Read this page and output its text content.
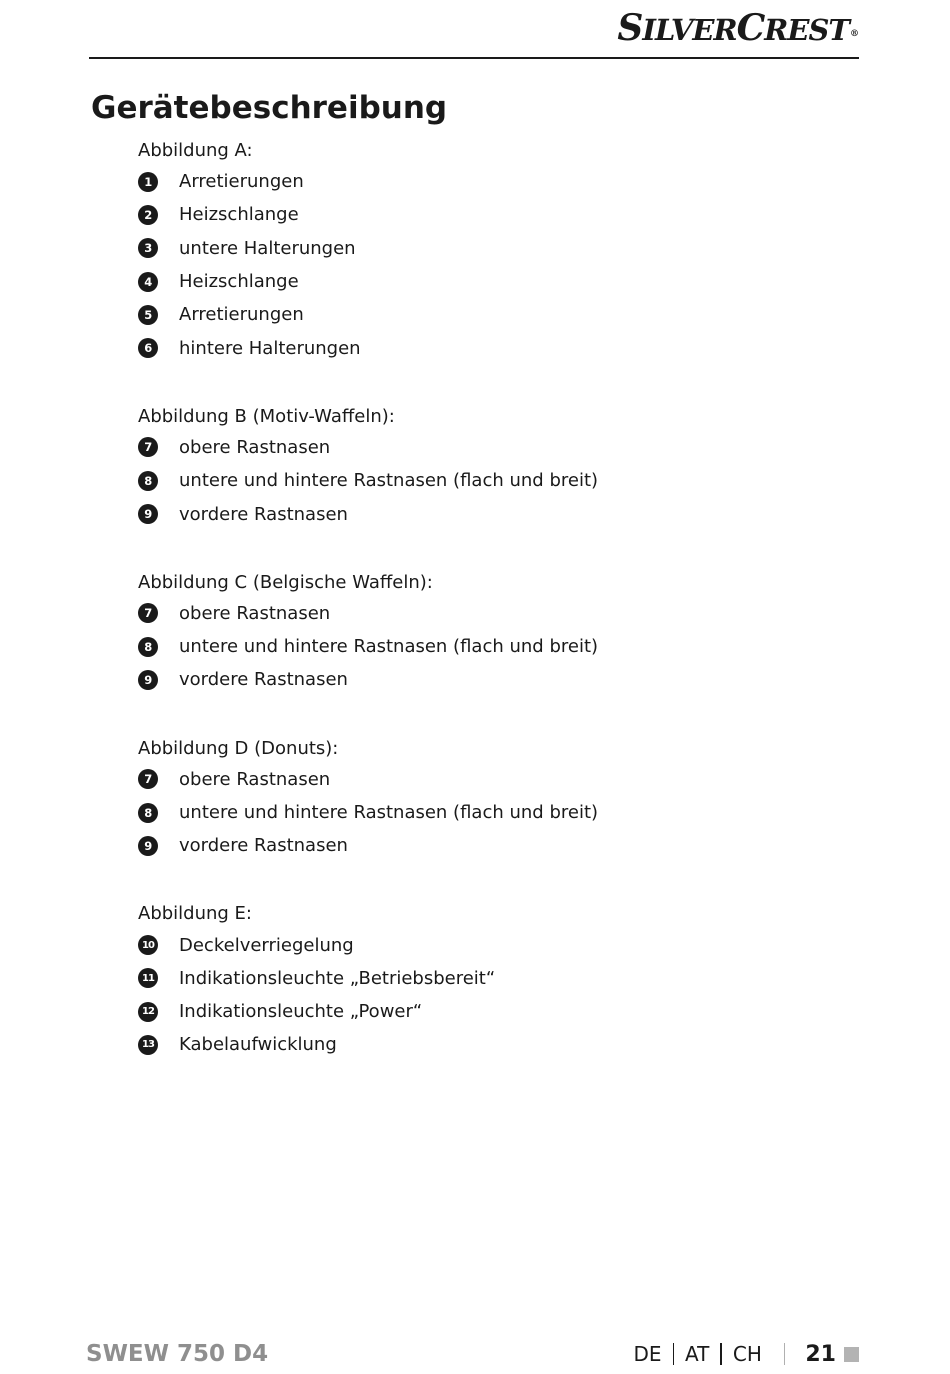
SILVERCREST®
Gerätebeschreibung
Abbildung A:
1	Arretierungen
2	Heizschlange
3	untere Halterungen
4	Heizschlange
5	Arretierungen
6	hintere Halterungen
Abbildung B (Motiv-Waffeln):
7	obere Rastnasen
8	untere und hintere Rastnasen (flach und breit)
9	vordere Rastnasen
Abbildung C (Belgische Waffeln):
7	obere Rastnasen
8	untere und hintere Rastnasen (flach und breit)
9	vordere Rastnasen
Abbildung D (Donuts):
7	obere Rastnasen
8	untere und hintere Rastnasen (flach und breit)
9	vordere Rastnasen
Abbildung E:
10 Deckelverriegelung
11 Indikationsleuchte „Betriebsbereit“
12 Indikationsleuchte „Power“
13 Kabelaufwicklung
SWEW 750 D4	DE AT CH 21
